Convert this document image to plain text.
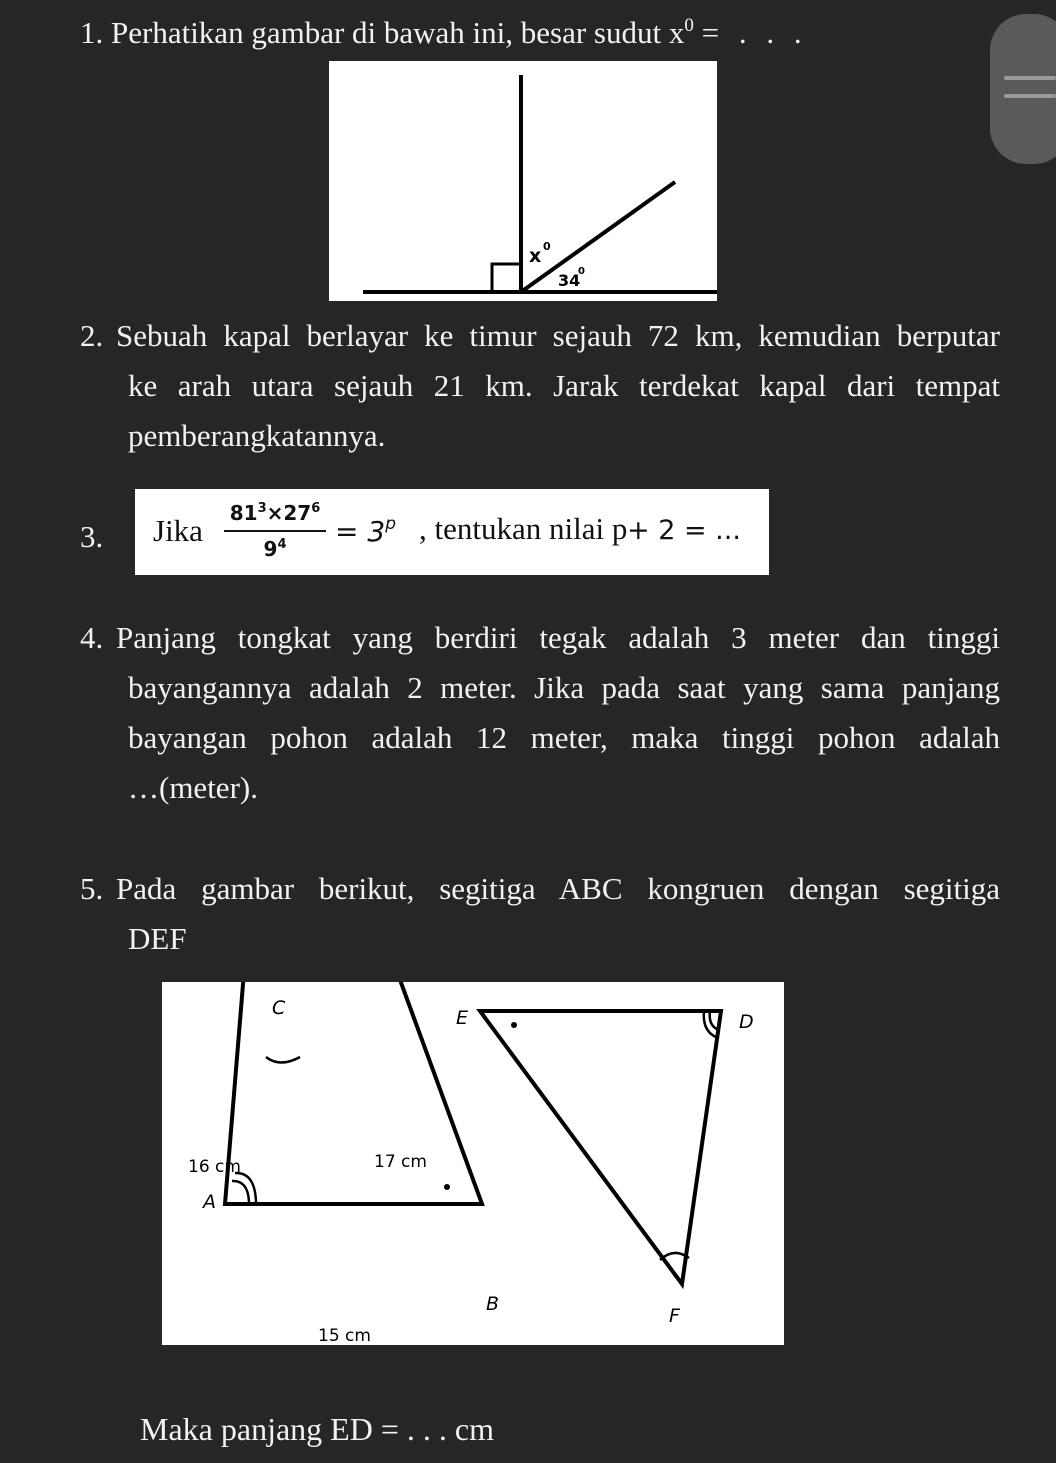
1. Perhatikan gambar di bawah ini, besar sudut $x^0$ = . . .
x 0
34
0
2. Sebuah kapal berlayar ke timur sejauh 72 km, kemudian berputar
ke arah utara sejauh 21 km. Jarak terdekat kapal dari tempat
pemberangkatannya.
3. Jika	$81^3\times 27^6$
$9^4$	= $3^p$ , tentukan nilai p + 2 = ...
4. Panjang tongkat yang berdiri tegak adalah 3 meter dan tinggi
bayangannya adalah 2 meter. Jika pada saat yang sama panjang
bayangan pohon adalah 12 meter, maka tinggi pohon adalah
…(meter).
5. Pada gambar berikut, segitiga ABC kongruen dengan segitiga
DEF
C
A
B
16 cm	17 cm
15 cm
E	D
F
Maka panjang ED = . . . cm
